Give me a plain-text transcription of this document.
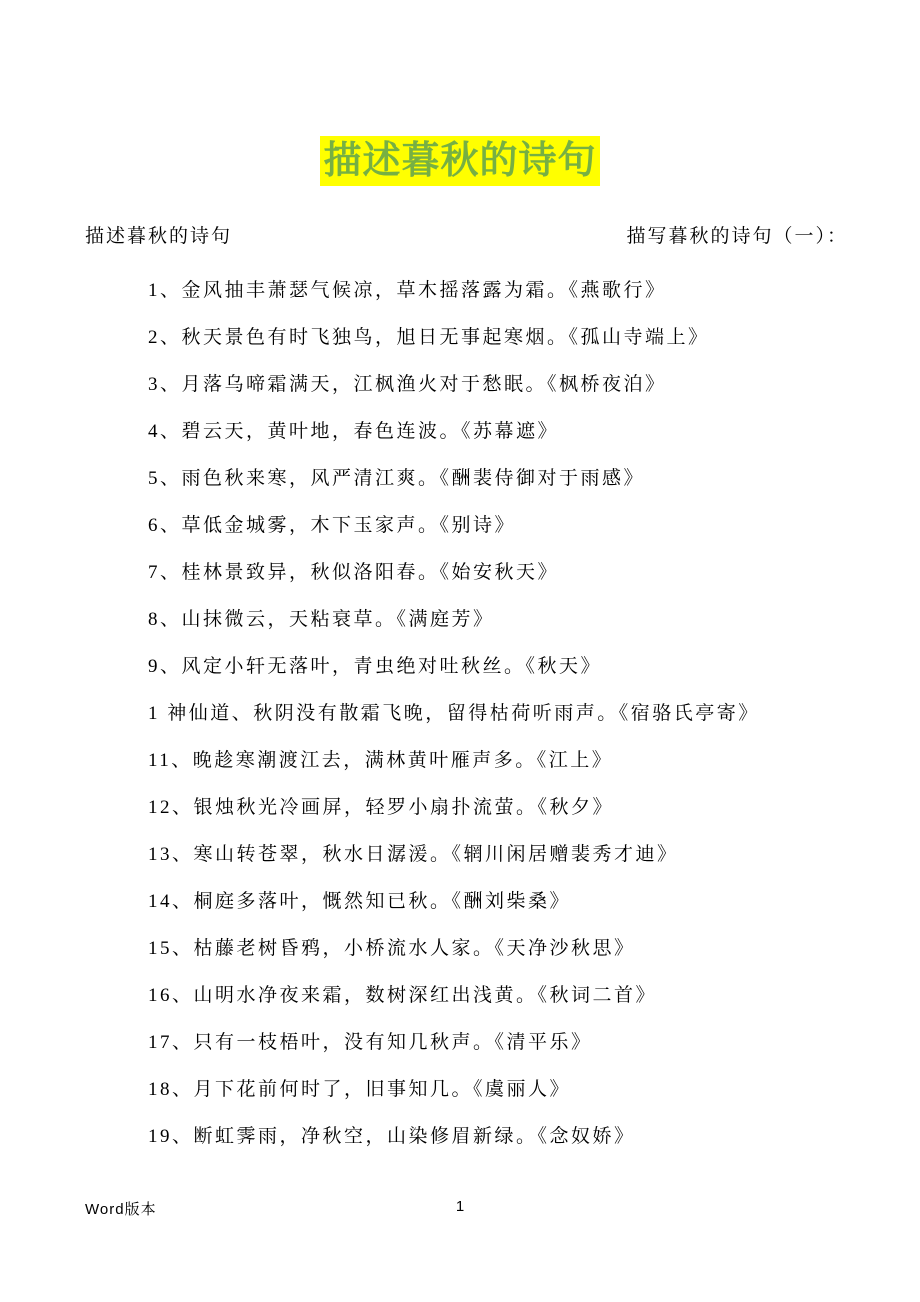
描述暮秋的诗句
描述暮秋的诗句	描写暮秋的诗句（一）：
1、金风抽丰萧瑟气候凉，草木摇落露为霜。《燕歌行》
2、秋天景色有时飞独鸟，旭日无事起寒烟。《孤山寺端上》
3、月落乌啼霜满天，江枫渔火对于愁眠。《枫桥夜泊》
4、碧云天，黄叶地，春色连波。《苏幕遮》
5、雨色秋来寒，风严清江爽。《酬裴侍御对于雨感》
6、草低金城雾，木下玉家声。《别诗》
7、桂林景致异，秋似洛阳春。《始安秋天》
8、山抹微云，天粘衰草。《满庭芳》
9、风定小轩无落叶，青虫绝对吐秋丝。《秋天》
1 神仙道、秋阴没有散霜飞晚，留得枯荷听雨声。《宿骆氏亭寄》
11、晚趁寒潮渡江去，满林黄叶雁声多。《江上》
12、银烛秋光冷画屏，轻罗小扇扑流萤。《秋夕》
13、寒山转苍翠，秋水日潺湲。《辋川闲居赠裴秀才迪》
14、桐庭多落叶，慨然知已秋。《酬刘柴桑》
15、枯藤老树昏鸦，小桥流水人家。《天净沙秋思》
16、山明水净夜来霜，数树深红出浅黄。《秋词二首》
17、只有一枝梧叶，没有知几秋声。《清平乐》
18、月下花前何时了，旧事知几。《虞丽人》
19、断虹霁雨，净秋空，山染修眉新绿。《念奴娇》
Word版本	1
